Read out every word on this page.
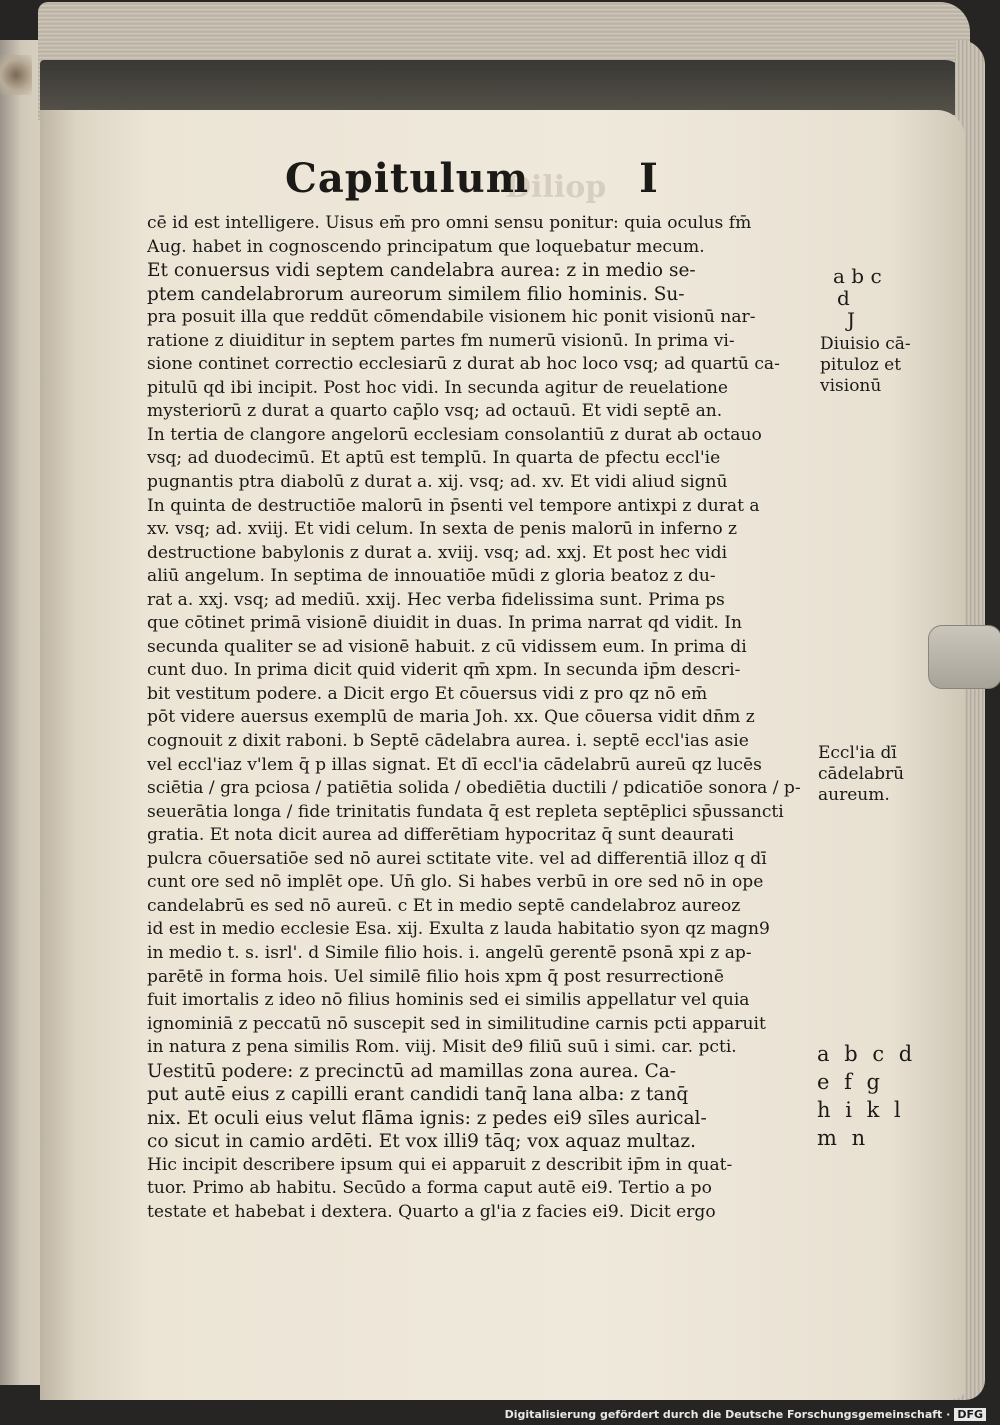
Diliop
Capitulum	I
cē id est intelligere. Uisus em̄ pro omni sensu ponitur: quia oculus fm̄
Aug. habet in cognoscendo principatum que loquebatur mecum.
Et conuersus vidi septem candelabra aurea: z in medio se-
ptem candelabrorum aureorum similem filio hominis. Su-
pra posuit illa que reddūt cōmendabile visionem hic ponit visionū nar-
ratione z diuiditur in septem partes fm numerū visionū. In prima vi-
sione continet correctio ecclesiarū z durat ab hoc loco vsq; ad quartū ca-
pitulū qd ibi incipit. Post hoc vidi. In secunda agitur de reuelatione
mysteriorū z durat a quarto cap̄lo vsq; ad octauū. Et vidi septē an.
In tertia de clangore angelorū ecclesiam consolantiū z durat ab octauo
vsq; ad duodecimū. Et aptū est templū. In quarta de pfectu eccl'ie
pugnantis ptra diabolū z durat a. xij. vsq; ad. xv. Et vidi aliud signū
In quinta de destructiōe malorū in p̄senti vel tempore antixpi z durat a
xv. vsq; ad. xviij. Et vidi celum. In sexta de penis malorū in inferno z
destructione babylonis z durat a. xviij. vsq; ad. xxj. Et post hec vidi
aliū angelum. In septima de innouatiōe mūdi z gloria beatoz z du-
rat a. xxj. vsq; ad mediū. xxij. Hec verba fidelissima sunt. Prima ps
que cōtinet primā visionē diuidit in duas. In prima narrat qd vidit. In
secunda qualiter se ad visionē habuit. z cū vidissem eum. In prima di
cunt duo. In prima dicit quid viderit qm̄ xpm. In secunda ip̄m descri-
bit vestitum podere. a Dicit ergo Et cōuersus vidi z pro qz nō em̄
pōt videre auersus exemplū de maria Joh. xx. Que cōuersa vidit dn̄m z
cognouit z dixit raboni. b Septē cādelabra aurea. i. septē eccl'ias asie
vel eccl'iaz v'lem q̄ p illas signat. Et dī eccl'ia cādelabrū aureū qz lucēs
sciētia / gra pciosa / patiētia solida / obediētia ductili / pdicatiōe sonora / p-
seuerātia longa / fide trinitatis fundata q̄ est repleta septēplici sp̄ussancti
gratia. Et nota dicit aurea ad differētiam hypocritaz q̄ sunt deaurati
pulcra cōuersatiōe sed nō aurei sctitate vite. vel ad differentiā illoz q dī
cunt ore sed nō implēt ope. Un̄ glo. Si habes verbū in ore sed nō in ope
candelabrū es sed nō aureū. c Et in medio septē candelabroz aureoz
id est in medio ecclesie Esa. xij. Exulta z lauda habitatio syon qz magn9
in medio t. s. isrl'. d Simile filio hois. i. angelū gerentē psonā xpi z ap-
parētē in forma hois. Uel similē filio hois xpm q̄ post resurrectionē
fuit imortalis z ideo nō filius hominis sed ei similis appellatur vel quia
ignominiā z peccatū nō suscepit sed in similitudine carnis pcti apparuit
in natura z pena similis Rom. viij. Misit de9 filiū suū i simi. car. pcti.
Uestitū podere: z precinctū ad mamillas zona aurea. Ca-
put autē eius z capilli erant candidi tanq̄ lana alba: z tanq̄
nix. Et oculi eius velut flāma ignis: z pedes ei9 sīles aurical-
co sicut in camio ardēti. Et vox illi9 tāq; vox aquaz multaz.
Hic incipit describere ipsum qui ei apparuit z describit ip̄m in quat-
tuor. Primo ab habitu. Secūdo a forma caput autē ei9. Tertio a po
testate et habebat i dextera. Quarto a gl'ia z facies ei9. Dicit ergo
a b c
d
J
Diuisio cā-
pituloz et
visionū
Eccl'ia dī
cādelabrū
aureum.
a b c d
e f g
h i k l
m n
Digitalisierung gefördert durch die Deutsche Forschungsgemeinschaft · DFG
